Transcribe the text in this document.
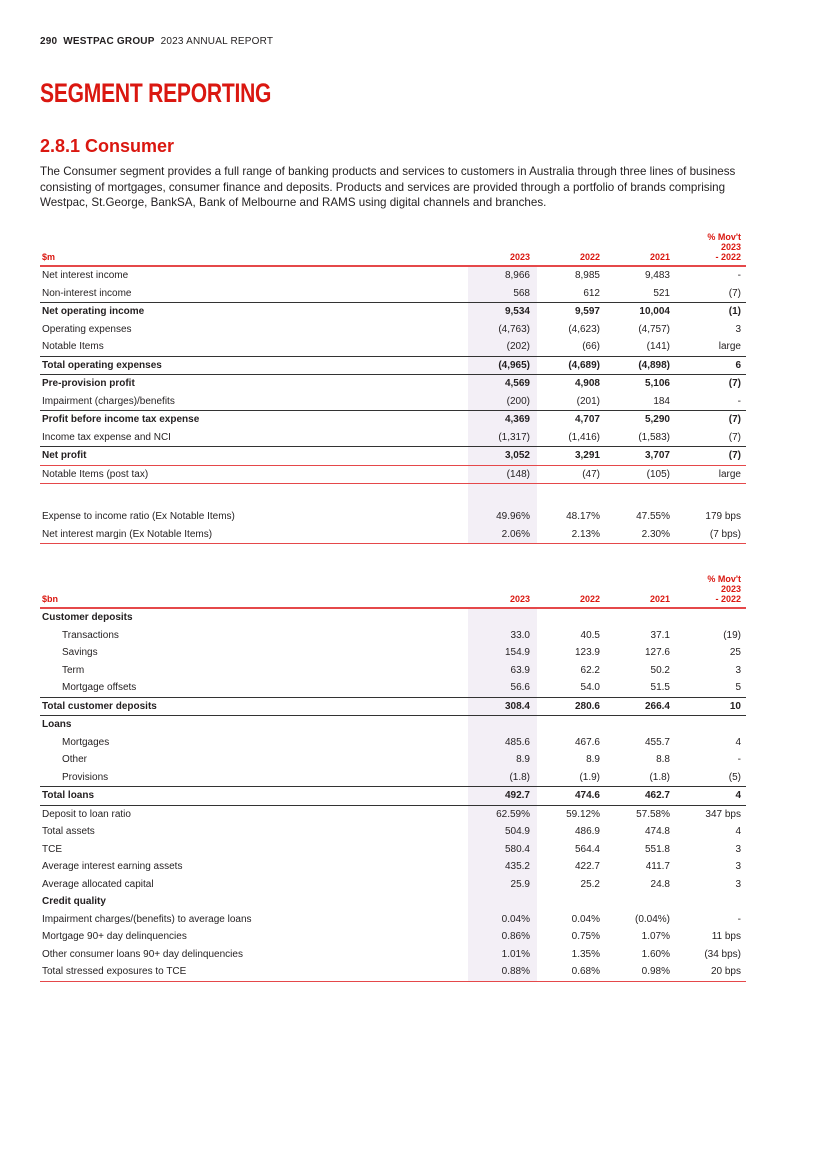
290 WESTPAC GROUP 2023 ANNUAL REPORT
SEGMENT REPORTING
2.8.1 Consumer
The Consumer segment provides a full range of banking products and services to customers in Australia through three lines of business consisting of mortgages, consumer finance and deposits. Products and services are provided through a portfolio of brands comprising Westpac, St.George, BankSA, Bank of Melbourne and RAMS using digital channels and branches.
$m	2023	2022	2021	% Mov't
2023
- 2022

Net interest income	8,966	8,985	9,483	-
Non-interest income	568	612	521	(7)
Net operating income	9,534	9,597	10,004	(1)
Operating expenses	(4,763)	(4,623)	(4,757)	3
Notable Items	(202)	(66)	(141)	large
Total operating expenses	(4,965)	(4,689)	(4,898)	6
Pre-provision profit	4,569	4,908	5,106	(7)
Impairment (charges)/benefits	(200)	(201)	184	-
Profit before income tax expense	4,369	4,707	5,290	(7)
Income tax expense and NCI	(1,317)	(1,416)	(1,583)	(7)
Net profit	3,052	3,291	3,707	(7)
Notable Items (post tax)	(148)	(47)	(105)	large

Expense to income ratio (Ex Notable Items)	49.96%	48.17%	47.55%	179 bps
Net interest margin (Ex Notable Items)	2.06%	2.13%	2.30%	(7 bps)
$bn	2023	2022	2021	% Mov't
2023
- 2022

Customer deposits				
Transactions	33.0	40.5	37.1	(19)
Savings	154.9	123.9	127.6	25
Term	63.9	62.2	50.2	3
Mortgage offsets	56.6	54.0	51.5	5
Total customer deposits	308.4	280.6	266.4	10
Loans				
Mortgages	485.6	467.6	455.7	4
Other	8.9	8.9	8.8	-
Provisions	(1.8)	(1.9)	(1.8)	(5)
Total loans	492.7	474.6	462.7	4
Deposit to loan ratio	62.59%	59.12%	57.58%	347 bps
Total assets	504.9	486.9	474.8	4
TCE	580.4	564.4	551.8	3
Average interest earning assets	435.2	422.7	411.7	3
Average allocated capital	25.9	25.2	24.8	3
Credit quality				
Impairment charges/(benefits) to average loans	0.04%	0.04%	(0.04%)	-
Mortgage 90+ day delinquencies	0.86%	0.75%	1.07%	11 bps
Other consumer loans 90+ day delinquencies	1.01%	1.35%	1.60%	(34 bps)
Total stressed exposures to TCE	0.88%	0.68%	0.98%	20 bps
